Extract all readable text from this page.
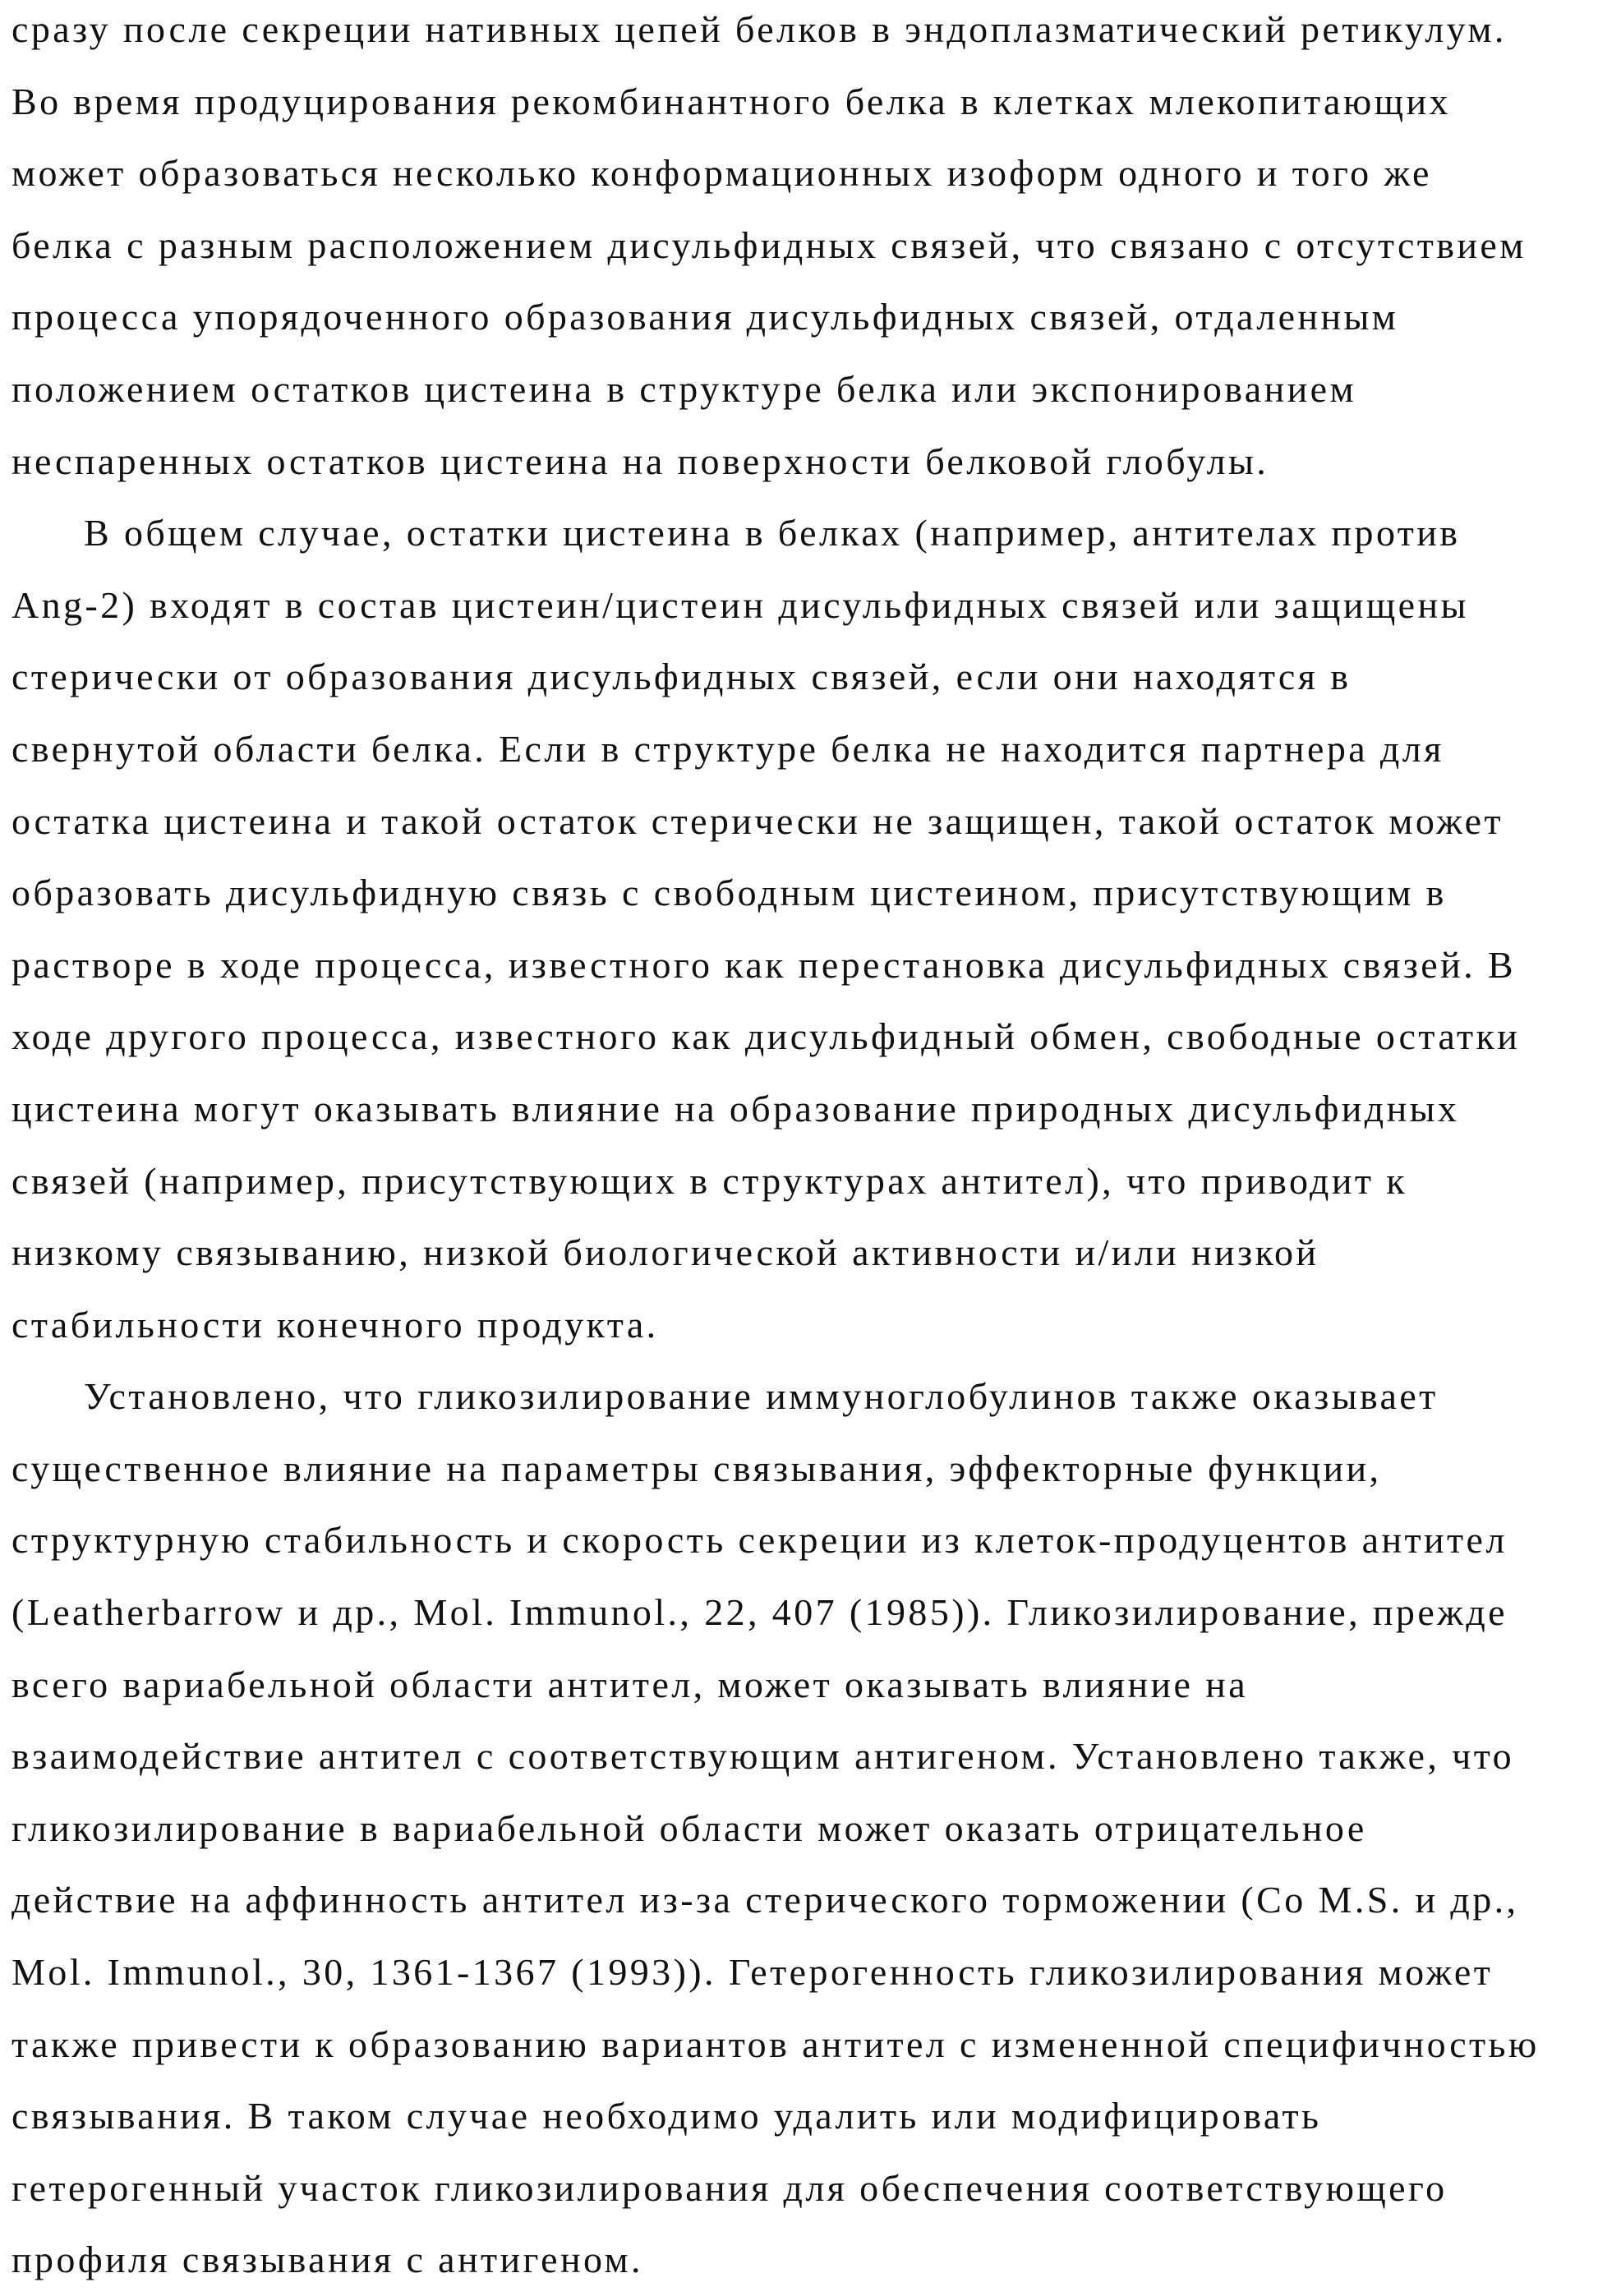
сразу после секреции нативных цепей белков в эндоплазматический ретикулум.
Во время продуцирования рекомбинантного белка в клетках млекопитающих
может образоваться несколько конформационных изоформ одного и того же
белка с разным расположением дисульфидных связей, что связано с отсутствием
процесса упорядоченного образования дисульфидных связей, отдаленным
положением остатков цистеина в структуре белка или экспонированием
неспаренных остатков цистеина на поверхности белковой глобулы.
В общем случае, остатки цистеина в белках (например, антителах против
Ang-2) входят в состав цистеин/цистеин дисульфидных связей или защищены
стерически от образования дисульфидных связей, если они находятся в
свернутой области белка. Если в структуре белка не находится партнера для
остатка цистеина и такой остаток стерически не защищен, такой остаток может
образовать дисульфидную связь с свободным цистеином, присутствующим в
растворе в ходе процесса, известного как перестановка дисульфидных связей. В
ходе другого процесса, известного как дисульфидный обмен, свободные остатки
цистеина могут оказывать влияние на образование природных дисульфидных
связей (например, присутствующих в структурах антител), что приводит к
низкому связыванию, низкой биологической активности и/или низкой
стабильности конечного продукта.
Установлено, что гликозилирование иммуноглобулинов также оказывает
существенное влияние на параметры связывания, эффекторные функции,
структурную стабильность и скорость секреции из клеток-продуцентов антител
(Leatherbarrow и др., Mol. Immunol., 22, 407 (1985)). Гликозилирование, прежде
всего вариабельной области антител, может оказывать влияние на
взаимодействие антител с соответствующим антигеном. Установлено также, что
гликозилирование в вариабельной области может оказать отрицательное
действие на аффинность антител из-за стерического торможении (Co M.S. и др.,
Mol. Immunol., 30, 1361-1367 (1993)). Гетерогенность гликозилирования может
также привести к образованию вариантов антител с измененной специфичностью
связывания. В таком случае необходимо удалить или модифицировать
гетерогенный участок гликозилирования для обеспечения соответствующего
профиля связывания с антигеном.
